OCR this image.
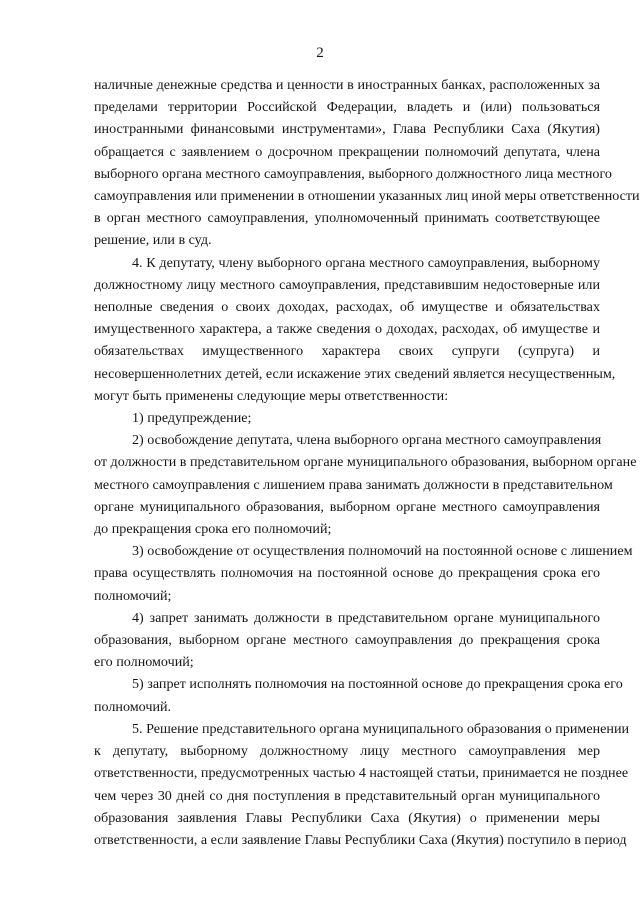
2
наличные денежные средства и ценности в иностранных банках, расположенных за
пределами территории Российской Федерации, владеть и (или) пользоваться
иностранными финансовыми инструментами», Глава Республики Саха (Якутия)
обращается с заявлением о досрочном прекращении полномочий депутата, члена
выборного органа местного самоуправления, выборного должностного лица местного
самоуправления или применении в отношении указанных лиц иной меры ответственности
в орган местного самоуправления, уполномоченный принимать соответствующее
решение, или в суд.
4. К депутату, члену выборного органа местного самоуправления, выборному
должностному лицу местного самоуправления, представившим недостоверные или
неполные сведения о своих доходах, расходах, об имуществе и обязательствах
имущественного характера, а также сведения о доходах, расходах, об имуществе и
обязательствах имущественного характера своих супруги (супруга) и
несовершеннолетних детей, если искажение этих сведений является несущественным,
могут быть применены следующие меры ответственности:
1) предупреждение;
2) освобождение депутата, члена выборного органа местного самоуправления
от должности в представительном органе муниципального образования, выборном органе
местного самоуправления с лишением права занимать должности в представительном
органе муниципального образования, выборном органе местного самоуправления
до прекращения срока его полномочий;
3) освобождение от осуществления полномочий на постоянной основе с лишением
права осуществлять полномочия на постоянной основе до прекращения срока его
полномочий;
4) запрет занимать должности в представительном органе муниципального
образования, выборном органе местного самоуправления до прекращения срока
его полномочий;
5) запрет исполнять полномочия на постоянной основе до прекращения срока его
полномочий.
5. Решение представительного органа муниципального образования о применении
к депутату, выборному должностному лицу местного самоуправления мер
ответственности, предусмотренных частью 4 настоящей статьи, принимается не позднее
чем через 30 дней со дня поступления в представительный орган муниципального
образования заявления Главы Республики Саха (Якутия) о применении меры
ответственности, а если заявление Главы Республики Саха (Якутия) поступило в период
